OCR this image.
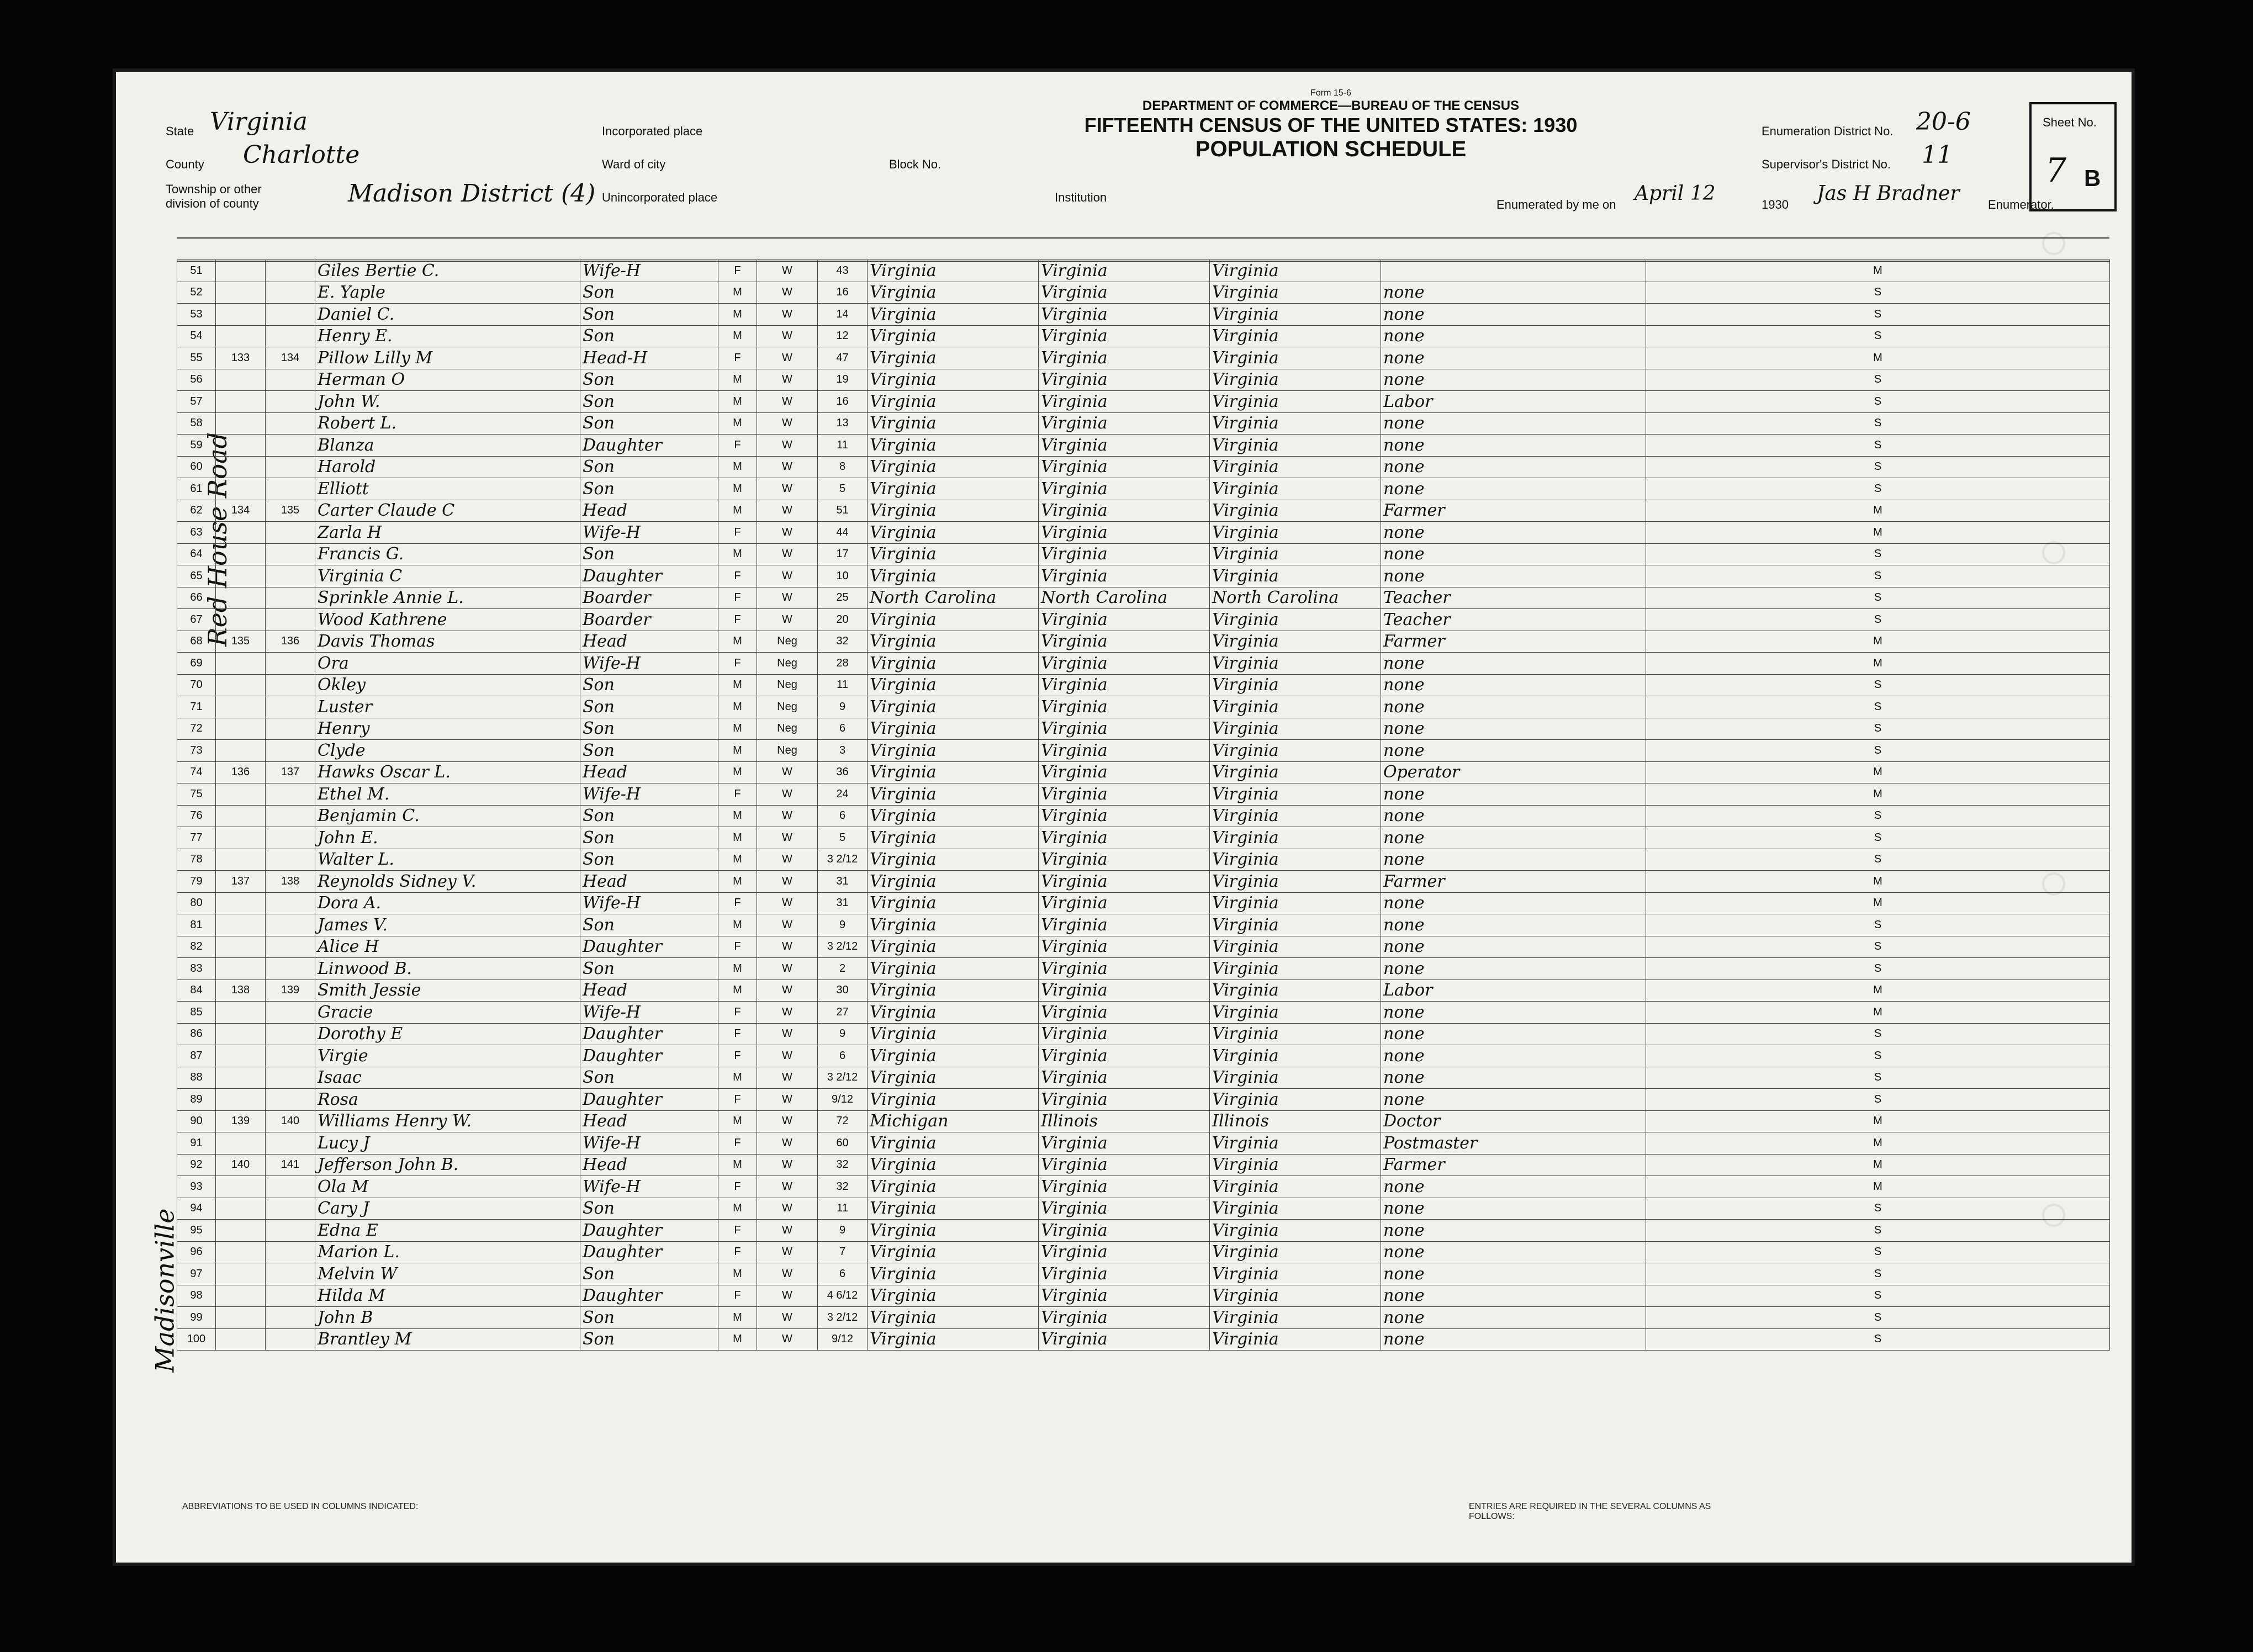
State Virginia
County Charlotte
Township or other division of county	Madison District (4)
Incorporated place
Ward of city	Block No.
Unincorporated place	Institution
Form 15-6
DEPARTMENT OF COMMERCE—BUREAU OF THE CENSUS
FIFTEENTH CENSUS OF THE UNITED STATES: 1930
POPULATION SCHEDULE
Enumeration District No. 20-6
Supervisor's District No. 11
Enumerated by me on April 12	1930 Jas H Bradner Enumerator.
Sheet No.
7 B
Red House Road
Madisonville
51			Giles Bertie C.	Wife-H	F	W	43	Virginia	Virginia	Virginia		M
52			E. Yaple	Son	M	W	16	Virginia	Virginia	Virginia	none	S
53			Daniel C.	Son	M	W	14	Virginia	Virginia	Virginia	none	S
54			Henry E.	Son	M	W	12	Virginia	Virginia	Virginia	none	S
55	133	134	Pillow Lilly M	Head-H	F	W	47	Virginia	Virginia	Virginia	none	M
56			Herman O	Son	M	W	19	Virginia	Virginia	Virginia	none	S
57			John W.	Son	M	W	16	Virginia	Virginia	Virginia	Labor	S
58			Robert L.	Son	M	W	13	Virginia	Virginia	Virginia	none	S
59			Blanza	Daughter	F	W	11	Virginia	Virginia	Virginia	none	S
60			Harold	Son	M	W	8	Virginia	Virginia	Virginia	none	S
61			Elliott	Son	M	W	5	Virginia	Virginia	Virginia	none	S
62	134	135	Carter Claude C	Head	M	W	51	Virginia	Virginia	Virginia	Farmer	M
63			Zarla H	Wife-H	F	W	44	Virginia	Virginia	Virginia	none	M
64			Francis G.	Son	M	W	17	Virginia	Virginia	Virginia	none	S
65			Virginia C	Daughter	F	W	10	Virginia	Virginia	Virginia	none	S
66			Sprinkle Annie L.	Boarder	F	W	25	North Carolina	North Carolina	North Carolina	Teacher	S
67			Wood Kathrene	Boarder	F	W	20	Virginia	Virginia	Virginia	Teacher	S
68	135	136	Davis Thomas	Head	M	Neg	32	Virginia	Virginia	Virginia	Farmer	M
69			Ora	Wife-H	F	Neg	28	Virginia	Virginia	Virginia	none	M
70			Okley	Son	M	Neg	11	Virginia	Virginia	Virginia	none	S
71			Luster	Son	M	Neg	9	Virginia	Virginia	Virginia	none	S
72			Henry	Son	M	Neg	6	Virginia	Virginia	Virginia	none	S
73			Clyde	Son	M	Neg	3	Virginia	Virginia	Virginia	none	S
74	136	137	Hawks Oscar L.	Head	M	W	36	Virginia	Virginia	Virginia	Operator	M
75			Ethel M.	Wife-H	F	W	24	Virginia	Virginia	Virginia	none	M
76			Benjamin C.	Son	M	W	6	Virginia	Virginia	Virginia	none	S
77			John E.	Son	M	W	5	Virginia	Virginia	Virginia	none	S
78			Walter L.	Son	M	W	3 2/12	Virginia	Virginia	Virginia	none	S
79	137	138	Reynolds Sidney V.	Head	M	W	31	Virginia	Virginia	Virginia	Farmer	M
80			Dora A.	Wife-H	F	W	31	Virginia	Virginia	Virginia	none	M
81			James V.	Son	M	W	9	Virginia	Virginia	Virginia	none	S
82			Alice H	Daughter	F	W	3 2/12	Virginia	Virginia	Virginia	none	S
83			Linwood B.	Son	M	W	2	Virginia	Virginia	Virginia	none	S
84	138	139	Smith Jessie	Head	M	W	30	Virginia	Virginia	Virginia	Labor	M
85			Gracie	Wife-H	F	W	27	Virginia	Virginia	Virginia	none	M
86			Dorothy E	Daughter	F	W	9	Virginia	Virginia	Virginia	none	S
87			Virgie	Daughter	F	W	6	Virginia	Virginia	Virginia	none	S
88			Isaac	Son	M	W	3 2/12	Virginia	Virginia	Virginia	none	S
89			Rosa	Daughter	F	W	9/12	Virginia	Virginia	Virginia	none	S
90	139	140	Williams Henry W.	Head	M	W	72	Michigan	Illinois	Illinois	Doctor	M
91			Lucy J	Wife-H	F	W	60	Virginia	Virginia	Virginia	Postmaster	M
92	140	141	Jefferson John B.	Head	M	W	32	Virginia	Virginia	Virginia	Farmer	M
93			Ola M	Wife-H	F	W	32	Virginia	Virginia	Virginia	none	M
94			Cary J	Son	M	W	11	Virginia	Virginia	Virginia	none	S
95			Edna E	Daughter	F	W	9	Virginia	Virginia	Virginia	none	S
96			Marion L.	Daughter	F	W	7	Virginia	Virginia	Virginia	none	S
97			Melvin W	Son	M	W	6	Virginia	Virginia	Virginia	none	S
98			Hilda M	Daughter	F	W	4 6/12	Virginia	Virginia	Virginia	none	S
99			John B	Son	M	W	3 2/12	Virginia	Virginia	Virginia	none	S
100			Brantley M	Son	M	W	9/12	Virginia	Virginia	Virginia	none	S
ABBREVIATIONS TO BE USED IN COLUMNS INDICATED:	ENTRIES ARE REQUIRED IN THE SEVERAL COLUMNS AS FOLLOWS:
